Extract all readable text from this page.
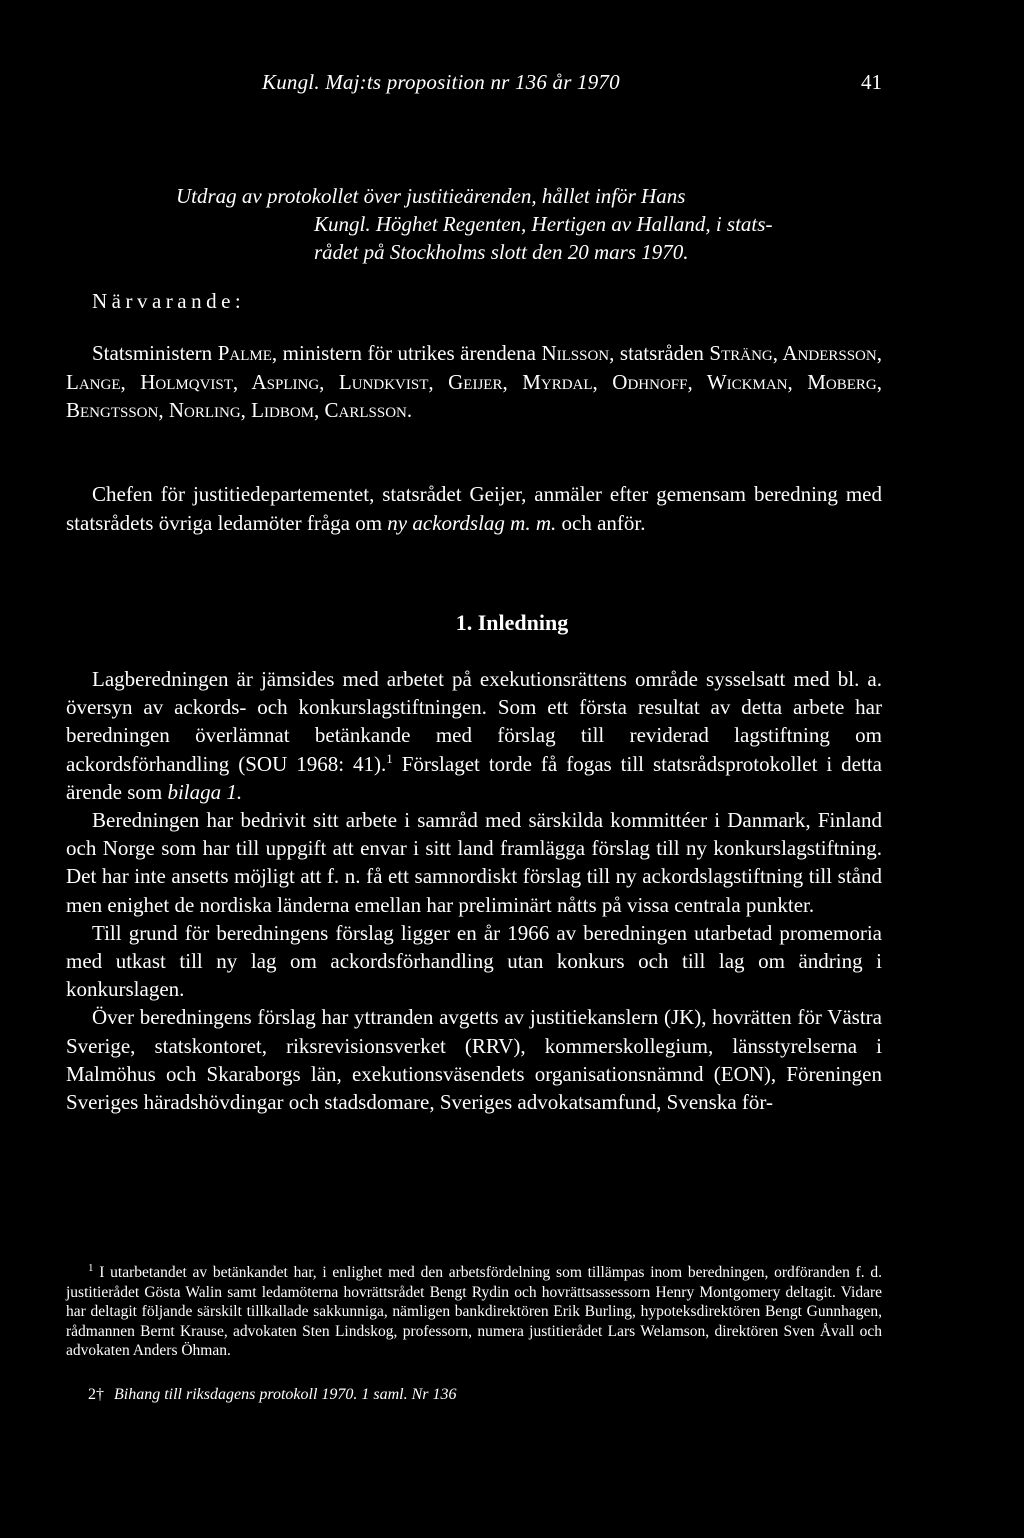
Kungl. Maj:ts proposition nr 136 år 1970	41
Utdrag av protokollet över justitieärenden, hållet inför Hans
Kungl. Höghet Regenten, Hertigen av Halland, i stats-
rådet på Stockholms slott den 20 mars 1970.
Närvarande:

Statsministern Palme, ministern för utrikes ärendena Nilsson, statsråden Sträng, Andersson, Lange, Holmqvist, Aspling, Lundkvist, Geijer, Myrdal, Odhnoff, Wickman, Moberg, Bengtsson, Norling, Lidbom, Carlsson.

Chefen för justitiedepartementet, statsrådet Geijer, anmäler efter gemensam beredning med statsrådets övriga ledamöter fråga om ny ackordslag m. m. och anför.

1. Inledning

Lagberedningen är jämsides med arbetet på exekutionsrättens område sysselsatt med bl. a. översyn av ackords- och konkurslagstiftningen. Som ett första resultat av detta arbete har beredningen överlämnat betänkande med förslag till reviderad lagstiftning om ackordsförhandling (SOU 1968: 41).$^1$ Förslaget torde få fogas till statsrådsprotokollet i detta ärende som bilaga 1.

Beredningen har bedrivit sitt arbete i samråd med särskilda kommittéer i Danmark, Finland och Norge som har till uppgift att envar i sitt land framlägga förslag till ny konkurslagstiftning. Det har inte ansetts möjligt att f. n. få ett samnordiskt förslag till ny ackordslagstiftning till stånd men enighet de nordiska länderna emellan har preliminärt nåtts på vissa centrala punkter.

Till grund för beredningens förslag ligger en år 1966 av beredningen utarbetad promemoria med utkast till ny lag om ackordsförhandling utan konkurs och till lag om ändring i konkurslagen.

Över beredningens förslag har yttranden avgetts av justitiekanslern (JK), hovrätten för Västra Sverige, statskontoret, riksrevisionsverket (RRV), kommerskollegium, länsstyrelserna i Malmöhus och Skaraborgs län, exekutionsväsendets organisationsnämnd (EON), Föreningen Sveriges häradshövdingar och stadsdomare, Sveriges advokatsamfund, Svenska för-

$^1$ I utarbetandet av betänkandet har, i enlighet med den arbetsfördelning som tillämpas inom beredningen, ordföranden f. d. justitierådet Gösta Walin samt ledamöterna hovrättsrådet Bengt Rydin och hovrättsassessorn Henry Montgomery deltagit. Vidare har deltagit följande särskilt tillkallade sakkunniga, nämligen bankdirektören Erik Burling, hypoteksdirektören Bengt Gunnhagen, rådmannen Bernt Krause, advokaten Sten Lindskog, professorn, numera justitierådet Lars Welamson, direktören Sven Åvall och advokaten Anders Öhman.

2† Bihang till riksdagens protokoll 1970. 1 saml. Nr 136
